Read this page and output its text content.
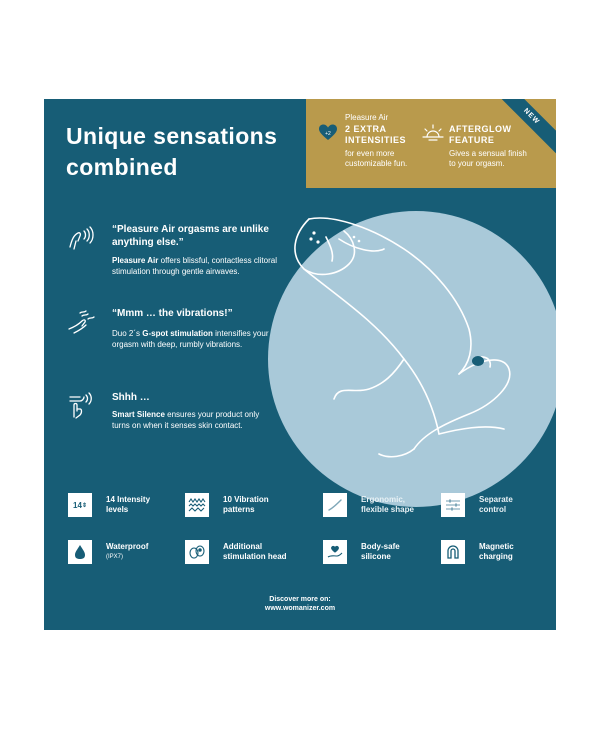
Unique sensations
combined
+2
Pleasure Air
2 EXTRA
INTENSITIES
for even more
customizable fun.
AFTERGLOW
FEATURE
Gives a sensual finish
to your orgasm.
NEW
“Pleasure Air orgasms are unlike anything else.”
Pleasure Air offers blissful, contactless clitoral stimulation through gentle airwaves.
“Mmm … the vibrations!”
Duo 2´s G-spot stimulation intensifies your orgasm with deep, rumbly vibrations.
Shhh …
Smart Silence ensures your product only turns on when it senses skin contact.
14 ⇕
14 Intensity
levels
10 Vibration
patterns
Ergonomic,
flexible shape
Separate
control
Waterproof
(IPX7)
Additional
stimulation head
Body-safe
silicone
Magnetic
charging
Discover more on:
www.womanizer.com
